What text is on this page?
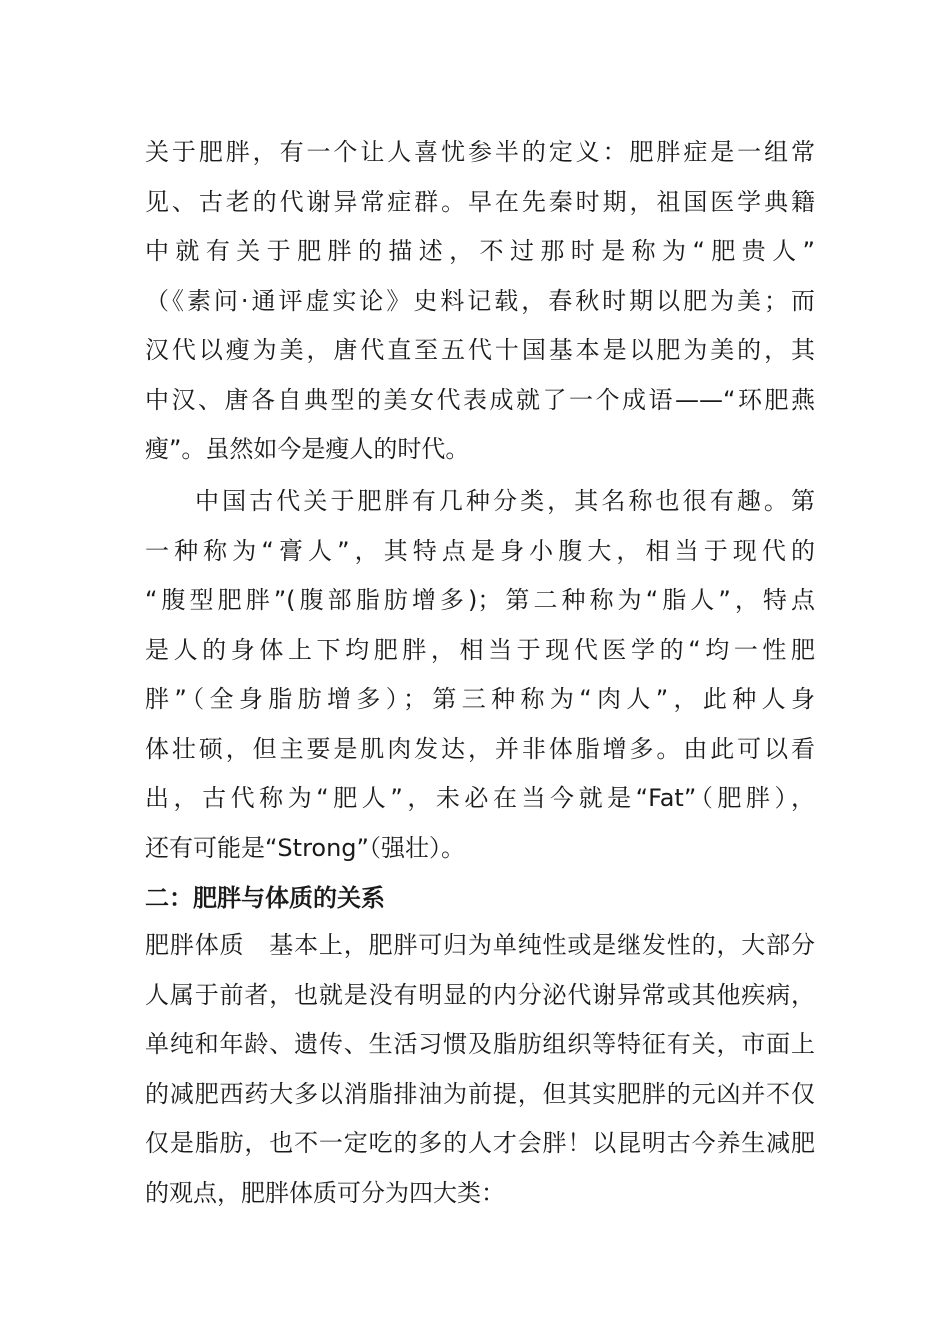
关于肥胖，有一个让人喜忧参半的定义：肥胖症是一组常
见、古老的代谢异常症群。早在先秦时期，祖国医学典籍
中就有关于肥胖的描述，不过那时是称为“肥贵人”
（《素问·通评虚实论》史料记载，春秋时期以肥为美；而
汉代以瘦为美，唐代直至五代十国基本是以肥为美的，其
中汉、唐各自典型的美女代表成就了一个成语——“环肥燕
瘦”。虽然如今是瘦人的时代。
中国古代关于肥胖有几种分类，其名称也很有趣。第
一种称为“膏人”，其特点是身小腹大，相当于现代的
“腹型肥胖”(腹部脂肪增多)；第二种称为“脂人”，特点
是人的身体上下均肥胖，相当于现代医学的“均一性肥
胖”（全身脂肪增多）；第三种称为“肉人”，此种人身
体壮硕，但主要是肌肉发达，并非体脂增多。由此可以看
出，古代称为“肥人”，未必在当今就是“Fat”（肥胖），
还有可能是“Strong”（强壮）。
二：肥胖与体质的关系
肥胖体质　基本上，肥胖可归为单纯性或是继发性的，大部分
人属于前者，也就是没有明显的内分泌代谢异常或其他疾病，
单纯和年龄、遗传、生活习惯及脂肪组织等特征有关，市面上
的减肥西药大多以消脂排油为前提，但其实肥胖的元凶并不仅
仅是脂肪，也不一定吃的多的人才会胖！以昆明古今养生减肥
的观点，肥胖体质可分为四大类：
